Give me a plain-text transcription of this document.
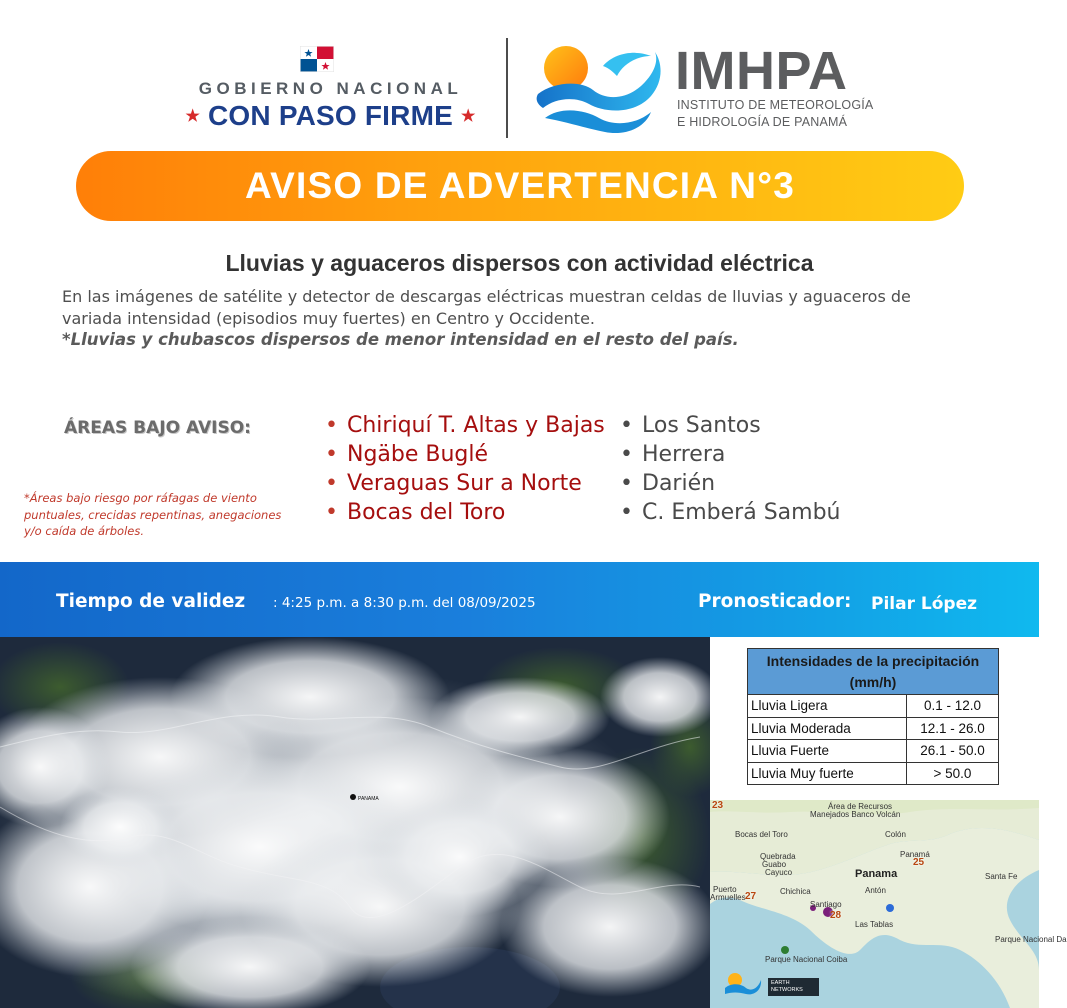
GOBIERNO NACIONAL
★ CON PASO FIRME ★
IMHPA
INSTITUTO DE METEOROLOGÍA
E HIDROLOGÍA DE PANAMÁ
AVISO DE ADVERTENCIA N°3
Lluvias y aguaceros dispersos con actividad eléctrica
En las imágenes de satélite y detector de descargas eléctricas muestran celdas de lluvias y aguaceros de variada intensidad (episodios muy fuertes) en Centro y Occidente.
*Lluvias y chubascos dispersos de menor intensidad en el resto del país.
ÁREAS BAJO AVISO:
*Áreas bajo riesgo por ráfagas de viento puntuales, crecidas repentinas, anegaciones y/o caída de árboles.
• Chiriquí T. Altas y Bajas
• Ngäbe Buglé
• Veraguas Sur a Norte
• Bocas del Toro
• Los Santos
• Herrera
• Darién
• C. Emberá Sambú
Tiempo de validez : 4:25 p.m. a 8:30 p.m. del 08/09/2025	Pronosticador: Pilar López
PANAMA
Intensidades de la precipitación (mm/h)	
Lluvia Ligera	0.1 - 12.0
Lluvia Moderada	12.1 - 26.0
Lluvia Fuerte	26.1 - 50.0
Lluvia Muy fuerte	> 50.0
Área de Recursos
Manejados Banco Volcán
Bocas del Toro	Colón
Panamá
Quebrada
Guabo
Cayuco	Santa Fe
Panama
Chichica	Antón
Puerto
Armuelles
Santiago
Las Tablas
Parque Nacional Coiba
Parque Nacional Da
23
25
27
28
EARTH NETWORKS
